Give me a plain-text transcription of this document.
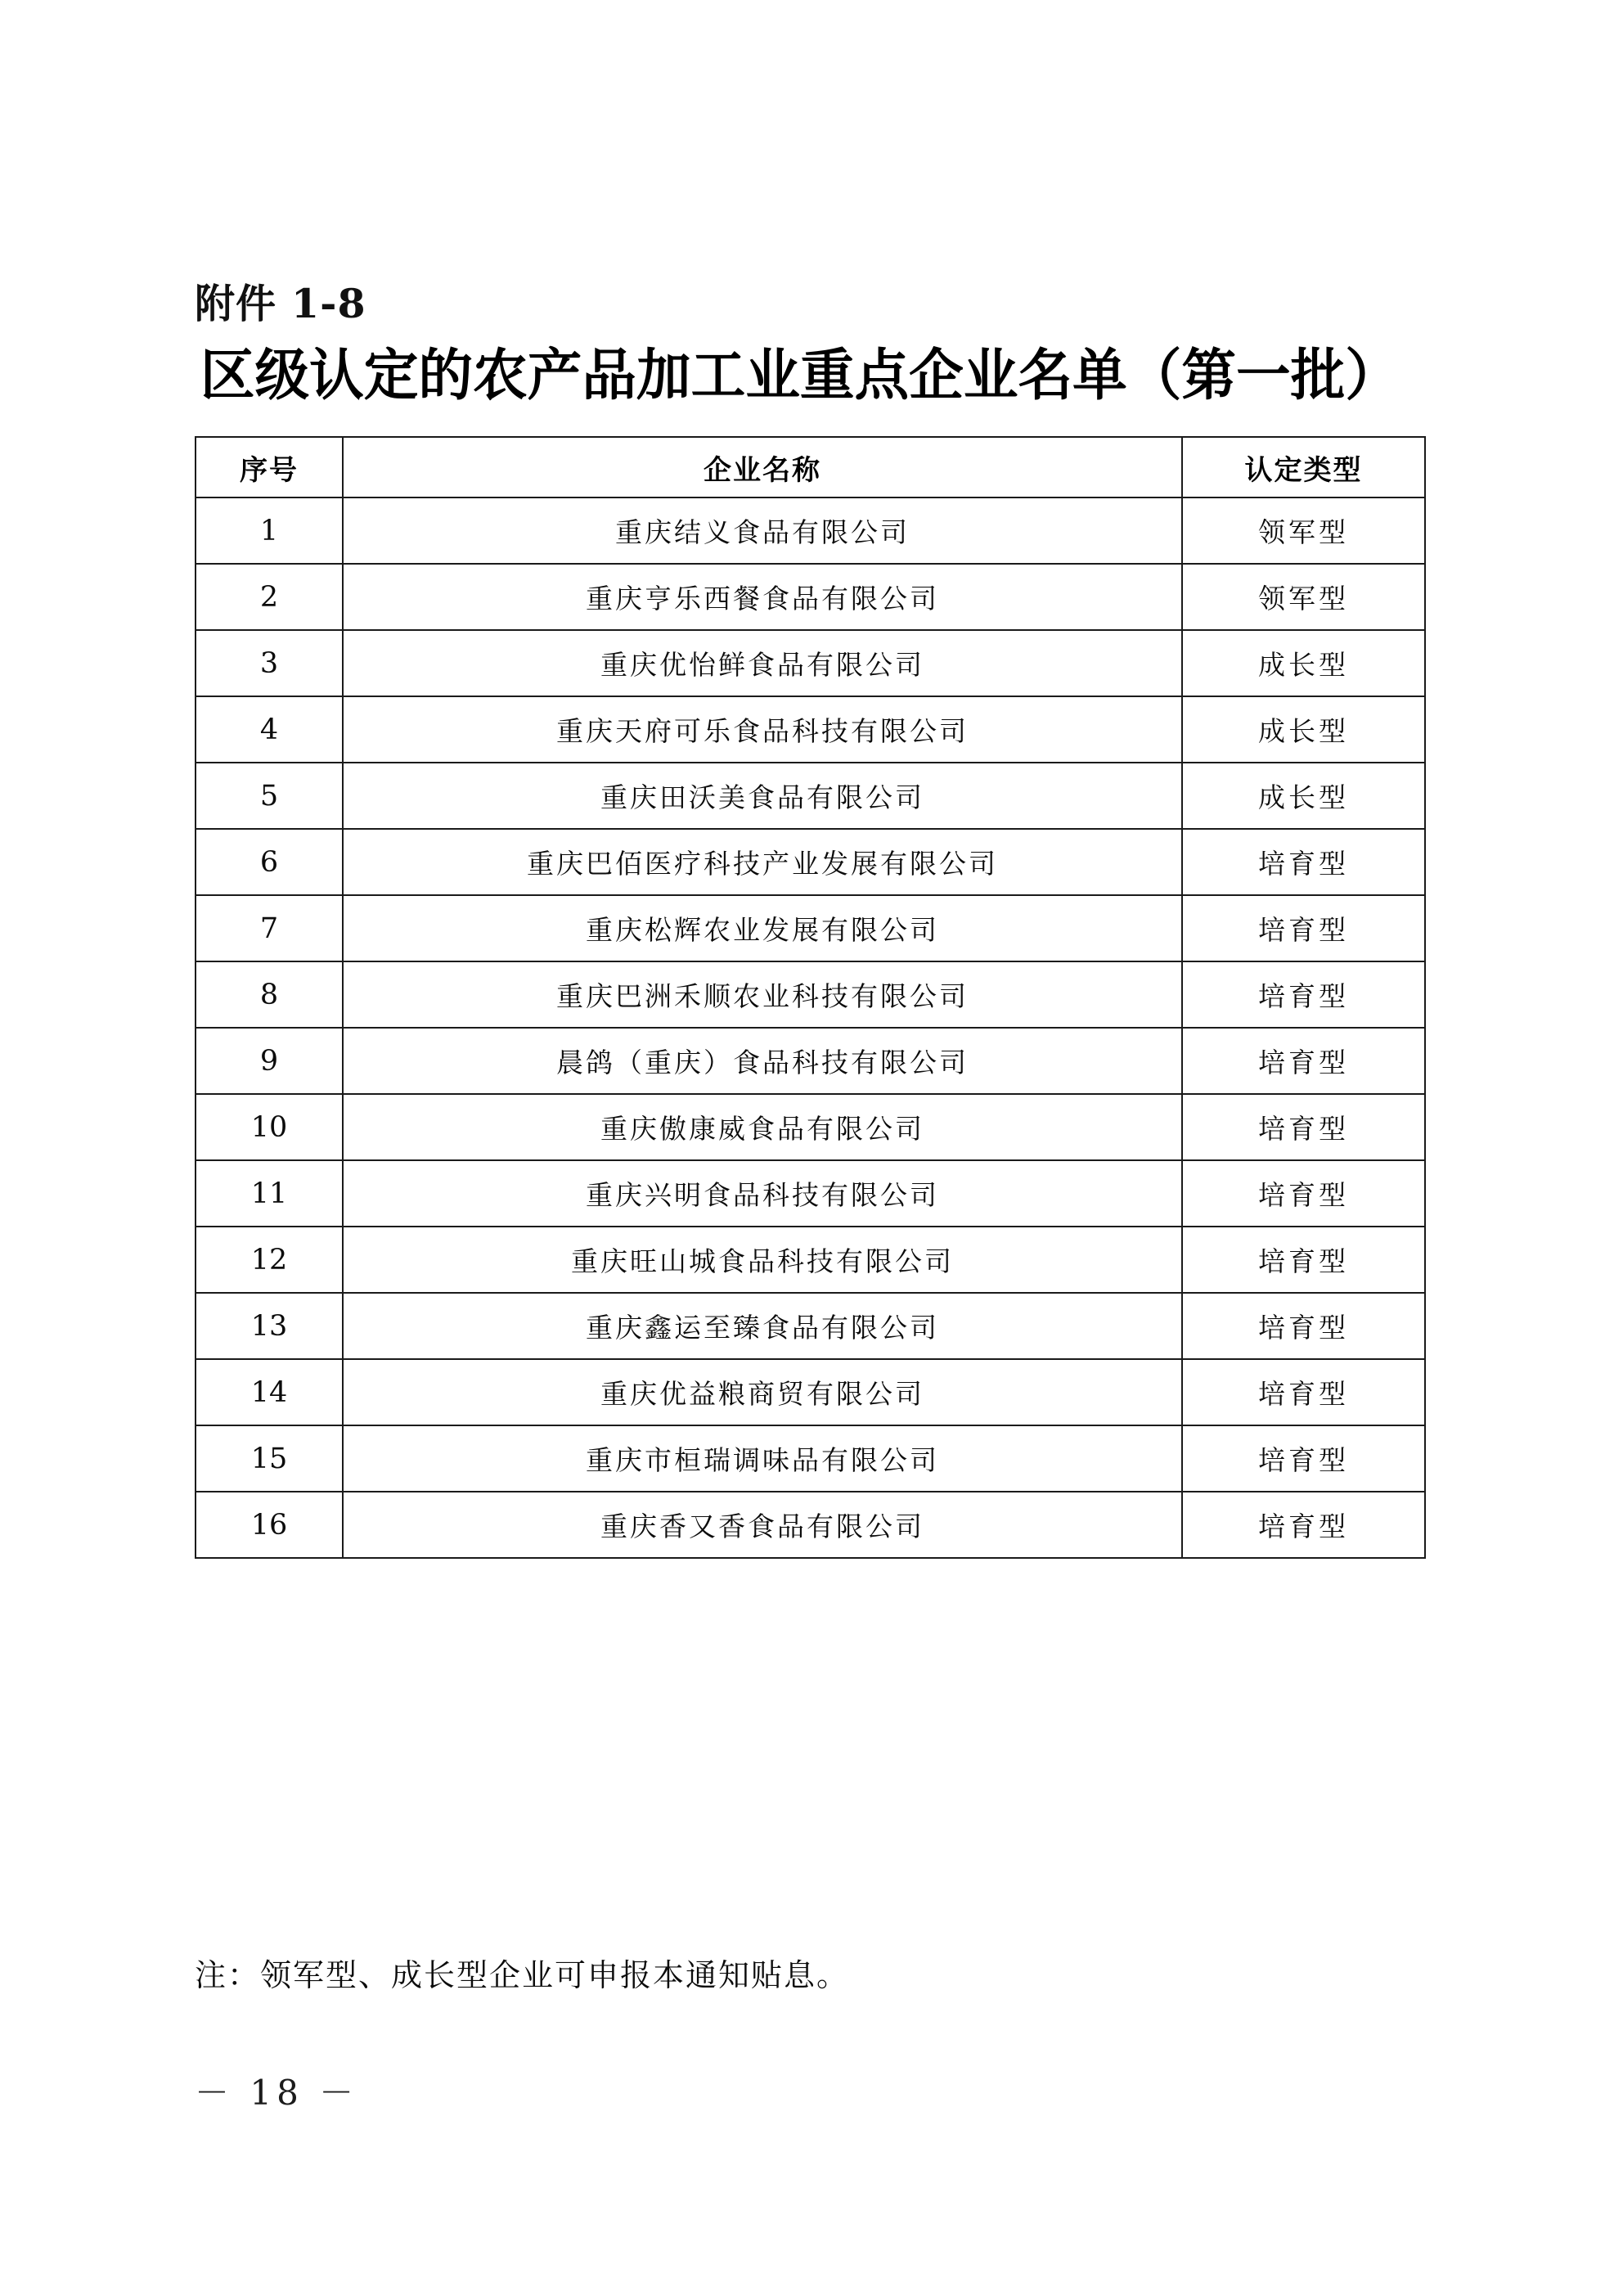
附件 1-8
区级认定的农产品加工业重点企业名单（第一批）
序号	企业名称	认定类型
1	重庆结义食品有限公司	领军型
2	重庆亨乐西餐食品有限公司	领军型
3	重庆优怡鲜食品有限公司	成长型
4	重庆天府可乐食品科技有限公司	成长型
5	重庆田沃美食品有限公司	成长型
6	重庆巴佰医疗科技产业发展有限公司	培育型
7	重庆松辉农业发展有限公司	培育型
8	重庆巴洲禾顺农业科技有限公司	培育型
9	晨鸽（重庆）食品科技有限公司	培育型
10	重庆傲康威食品有限公司	培育型
11	重庆兴明食品科技有限公司	培育型
12	重庆旺山城食品科技有限公司	培育型
13	重庆鑫运至臻食品有限公司	培育型
14	重庆优益粮商贸有限公司	培育型
15	重庆市桓瑞调味品有限公司	培育型
16	重庆香又香食品有限公司	培育型
注：领军型、成长型企业可申报本通知贴息。
－ 18 －
